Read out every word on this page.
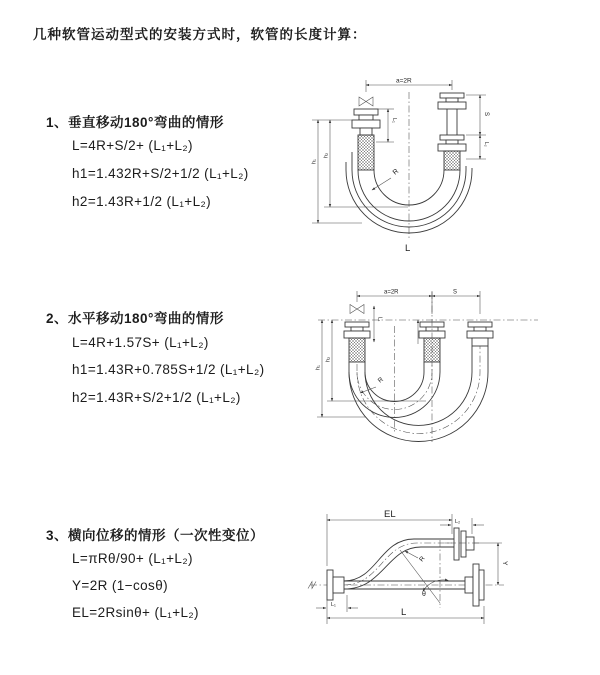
几种软管运动型式的安装方式时，软管的长度计算：
1、垂直移动180°弯曲的情形
L=4R+S/2+ (L₁+L₂)
h1=1.432R+S/2+1/2 (L₁+L₂)
h2=1.43R+1/2 (L₁+L₂)
2、水平移动180°弯曲的情形
L=4R+1.57S+ (L₁+L₂)
h1=1.43R+0.785S+1/2 (L₁+L₂)
h2=1.43R+S/2+1/2 (L₁+L₂)
3、横向位移的情形（一次性变位）
L=πRθ/90+ (L₁+L₂)
Y=2R (1−cosθ)
EL=2Rsinθ+ (L₁+L₂)
a=2R
L₁
S
L₂
h₁
h₂
R
L
a=2R	S
L₁
h₁
h₂
R
EL
L₂
Y
θ
R
L₁
L
